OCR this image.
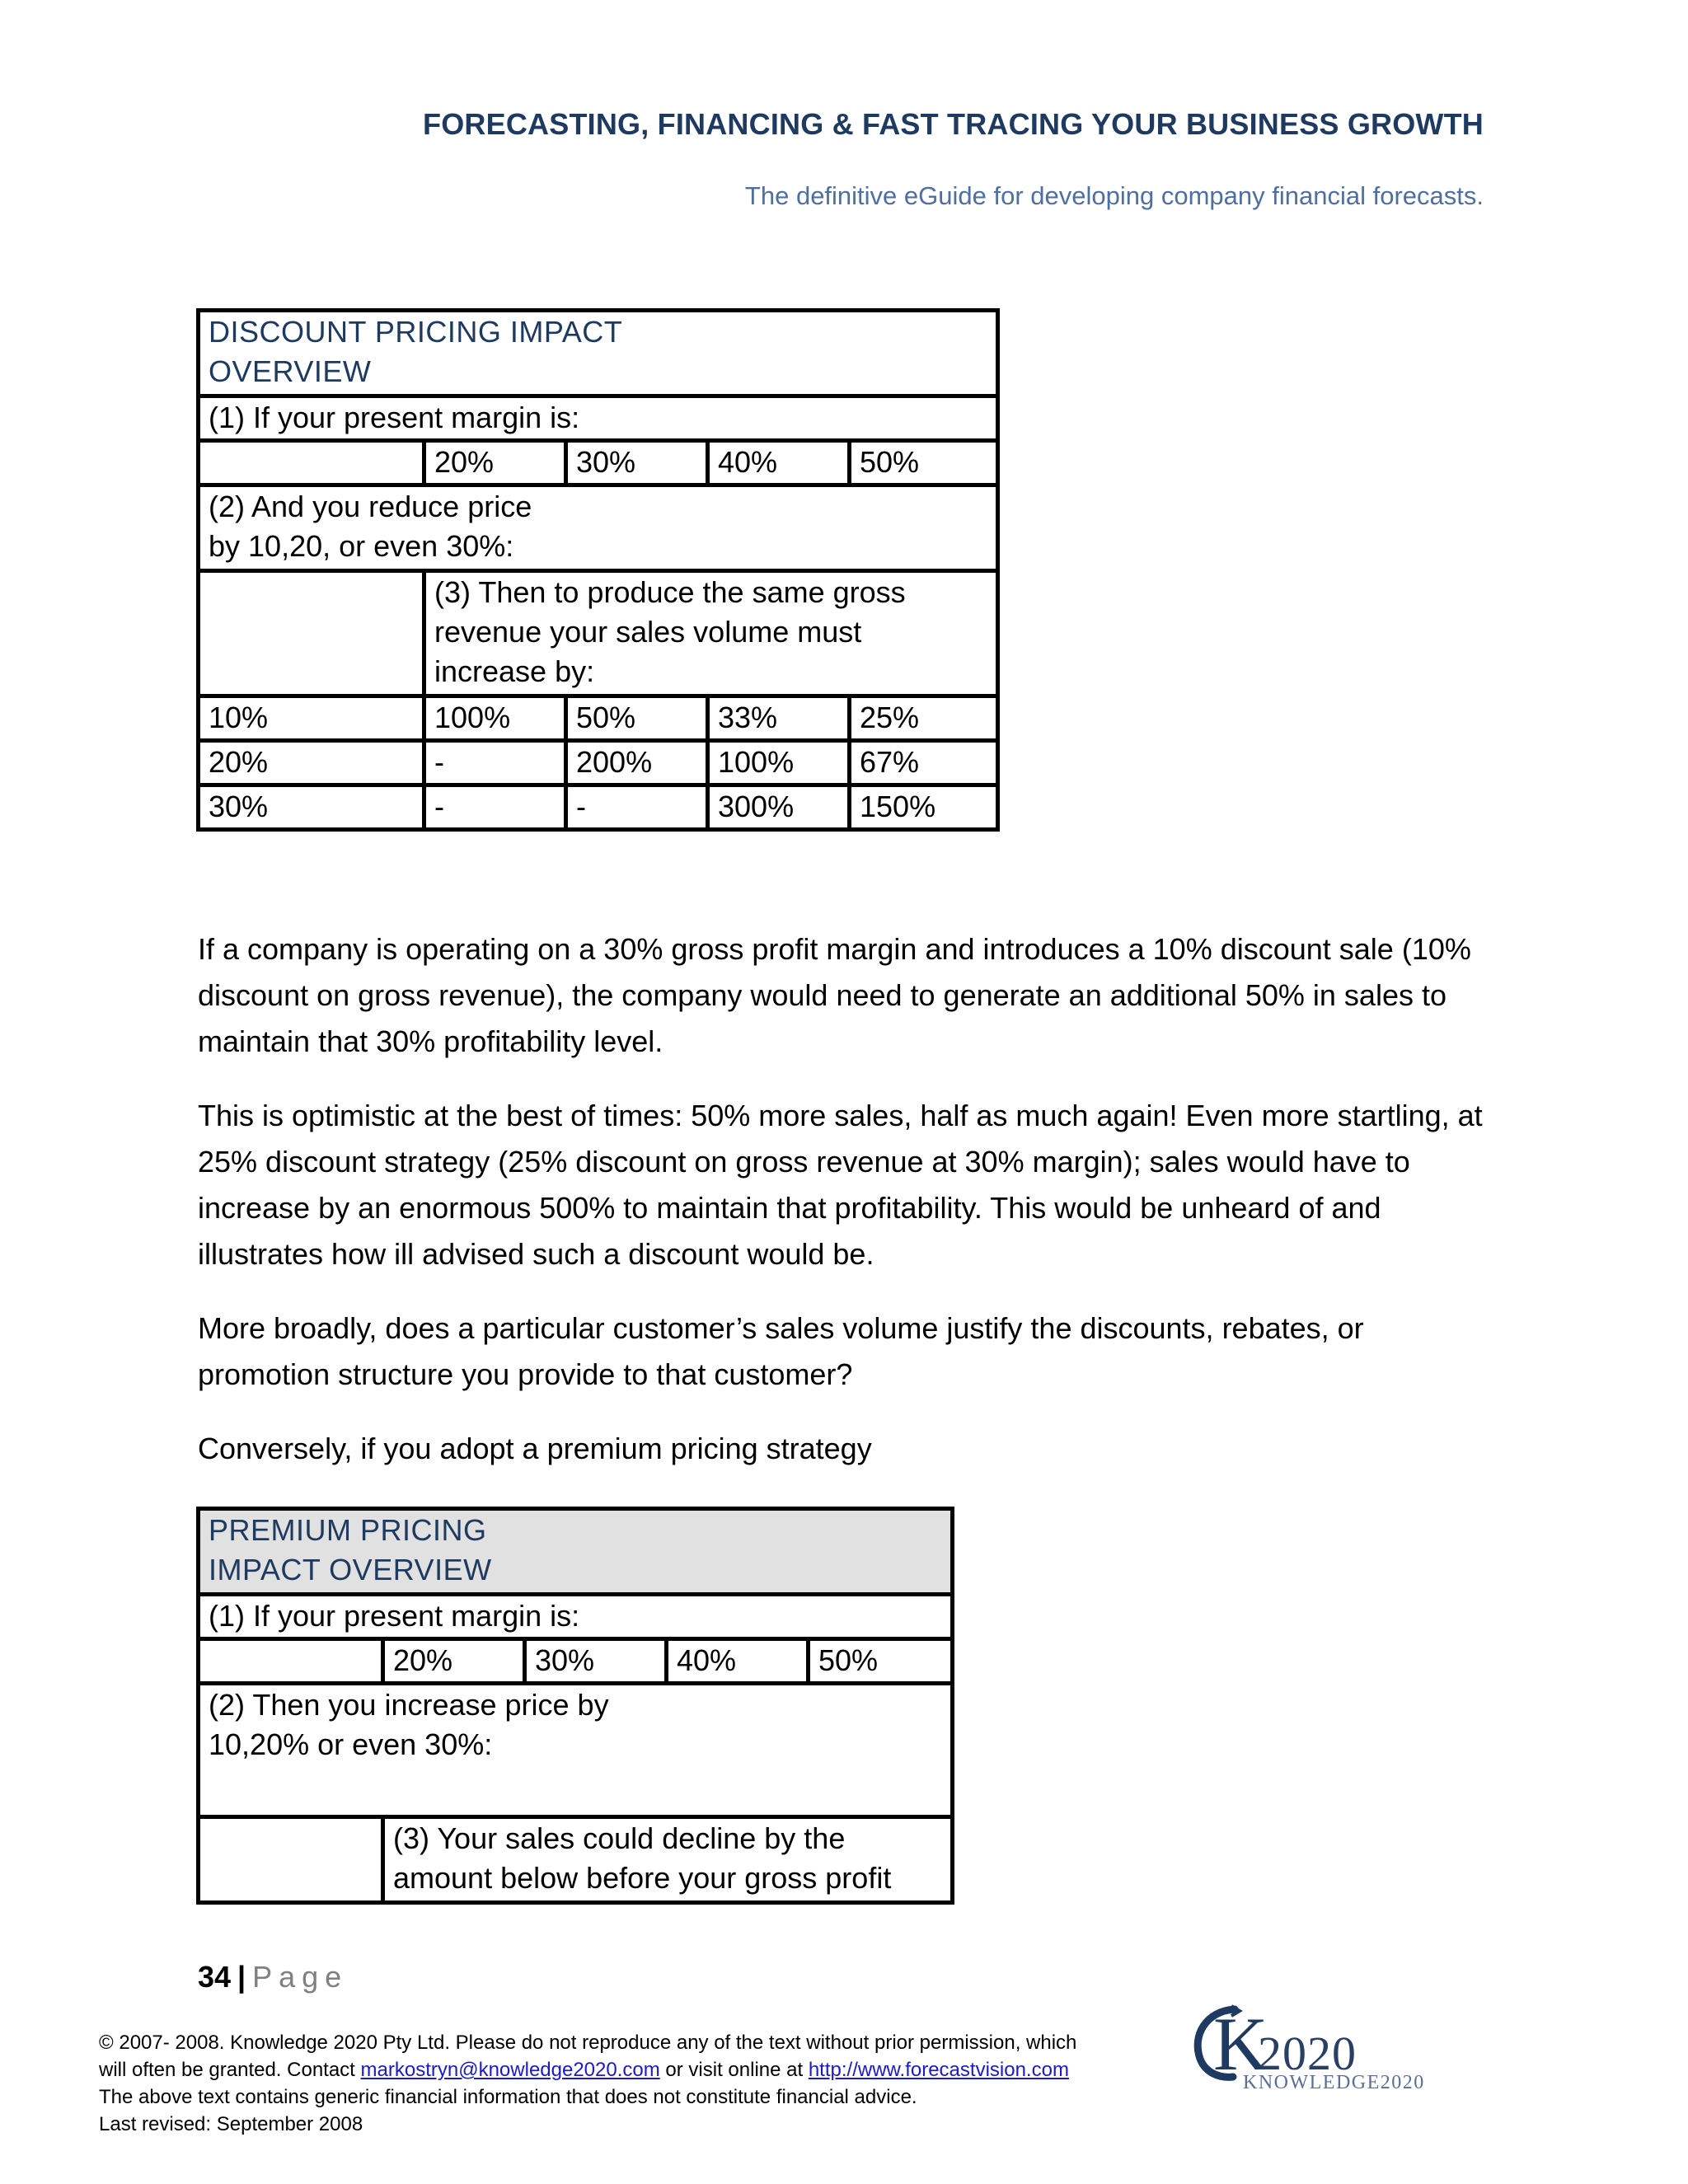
FORECASTING, FINANCING & FAST TRACING YOUR BUSINESS GROWTH
The definitive eGuide for developing company financial forecasts.
DISCOUNT PRICING IMPACT
OVERVIEW				

(1) If your present margin is:				
	20%	30%	40%	50%

(2) And you reduce price
by 10,20, or even 30%:				

	(3) Then to produce the same gross
revenue your sales volume must
increase by:			

10%	100%	50%	33%	25%
20%	-	200%	100%	67%
30%	-	-	300%	150%

If a company is operating on a 30% gross profit margin and introduces a 10% discount sale (10% discount on gross revenue), the company would need to generate an additional 50% in sales to maintain that 30% profitability level.

This is optimistic at the best of times: 50% more sales, half as much again! Even more startling, at 25% discount strategy (25% discount on gross revenue at 30% margin); sales would have to increase by an enormous 500% to maintain that profitability. This would be unheard of and illustrates how ill advised such a discount would be.

More broadly, does a particular customer’s sales volume justify the discounts, rebates, or promotion structure you provide to that customer?

Conversely, if you adopt a premium pricing strategy

PREMIUM PRICING
IMPACT OVERVIEW				

(1) If your present margin is:				
	20%	30%	40%	50%

(2) Then you increase price by
10,20% or even 30%:				

	(3) Your sales could decline by the
amount below before your gross profit			
34 | Page
© 2007- 2008. Knowledge 2020 Pty Ltd. Please do not reproduce any of the text without prior permission, which
will often be granted. Contact markostryn@knowledge2020.com or visit online at http://www.forecastvision.com
The above text contains generic financial information that does not constitute financial advice.
Last revised: September 2008
K
2020
KNOWLEDGE2020
